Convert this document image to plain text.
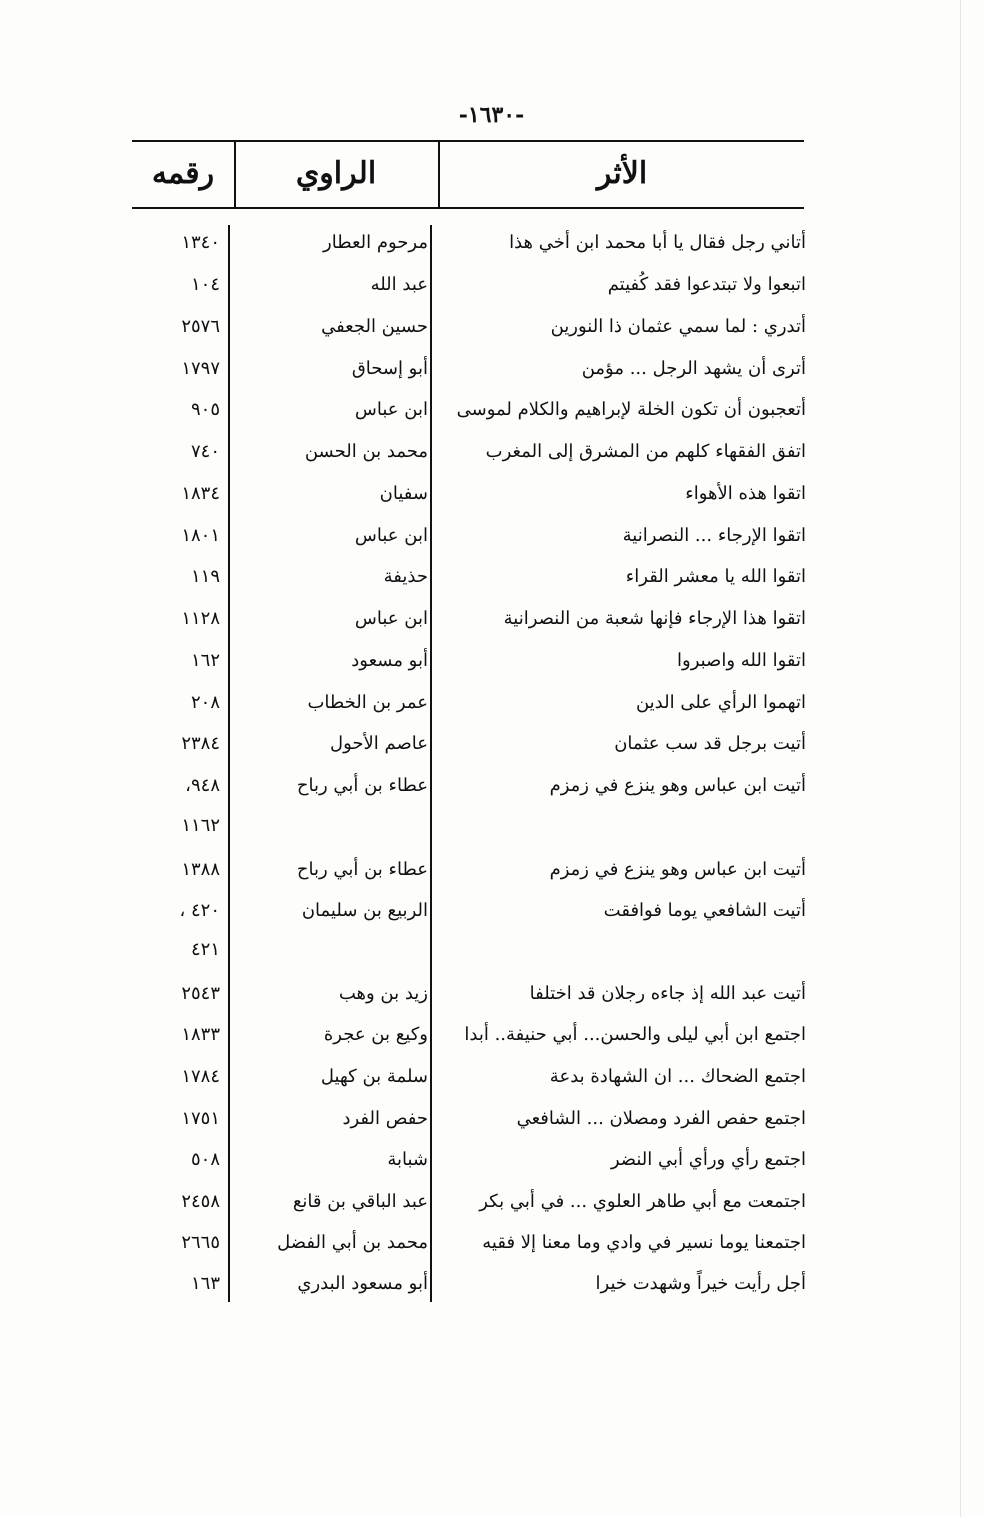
-١٦٣٠-
الأثر
الراوي
رقمه
أتاني رجل فقال يا أبا محمد ابن أخي هذا
مرحوم العطار
١٣٤٠
اتبعوا ولا تبتدعوا فقد كُفيتم
عبد الله
١٠٤
أتدري : لما سمي عثمان ذا النورين
حسين الجعفي
٢٥٧٦
أترى أن يشهد الرجل ... مؤمن
أبو إسحاق
١٧٩٧
أتعجبون أن تكون الخلة لإبراهيم والكلام لموسى
ابن عباس
٩٠٥
اتفق الفقهاء كلهم من المشرق إلى المغرب
محمد بن الحسن
٧٤٠
اتقوا هذه الأهواء
سفيان
١٨٣٤
اتقوا الإرجاء ... النصرانية
ابن عباس
١٨٠١
اتقوا الله يا معشر القراء
حذيفة
١١٩
اتقوا هذا الإرجاء فإنها شعبة من النصرانية
ابن عباس
١١٢٨
اتقوا الله واصبروا
أبو مسعود
١٦٢
اتهموا الرأي على الدين
عمر بن الخطاب
٢٠٨
أتيت برجل قد سب عثمان
عاصم الأحول
٢٣٨٤
أتيت ابن عباس وهو ينزع في زمزم
عطاء بن أبي رباح
٩٤٨،
١١٦٢
أتيت ابن عباس وهو ينزع في زمزم
عطاء بن أبي رباح
١٣٨٨
أتيت الشافعي يوما فوافقت
الربيع بن سليمان
٤٢٠ ،
٤٢١
أتيت عبد الله إذ جاءه رجلان قد اختلفا
زيد بن وهب
٢٥٤٣
اجتمع ابن أبي ليلى والحسن... أبي حنيفة.. أبدا
وكيع بن عجرة
١٨٣٣
اجتمع الضحاك ... ان الشهادة بدعة
سلمة بن كهيل
١٧٨٤
اجتمع حفص الفرد ومصلان ... الشافعي
حفص الفرد
١٧٥١
اجتمع رأي ورأي أبي النضر
شبابة
٥٠٨
اجتمعت مع أبي طاهر العلوي ... في أبي بكر
عبد الباقي بن قانع
٢٤٥٨
اجتمعنا يوما نسير في وادي وما معنا إلا فقيه
محمد بن أبي الفضل
٢٦٦٥
أجل رأيت خيراً وشهدت خيرا
أبو مسعود البدري
١٦٣
